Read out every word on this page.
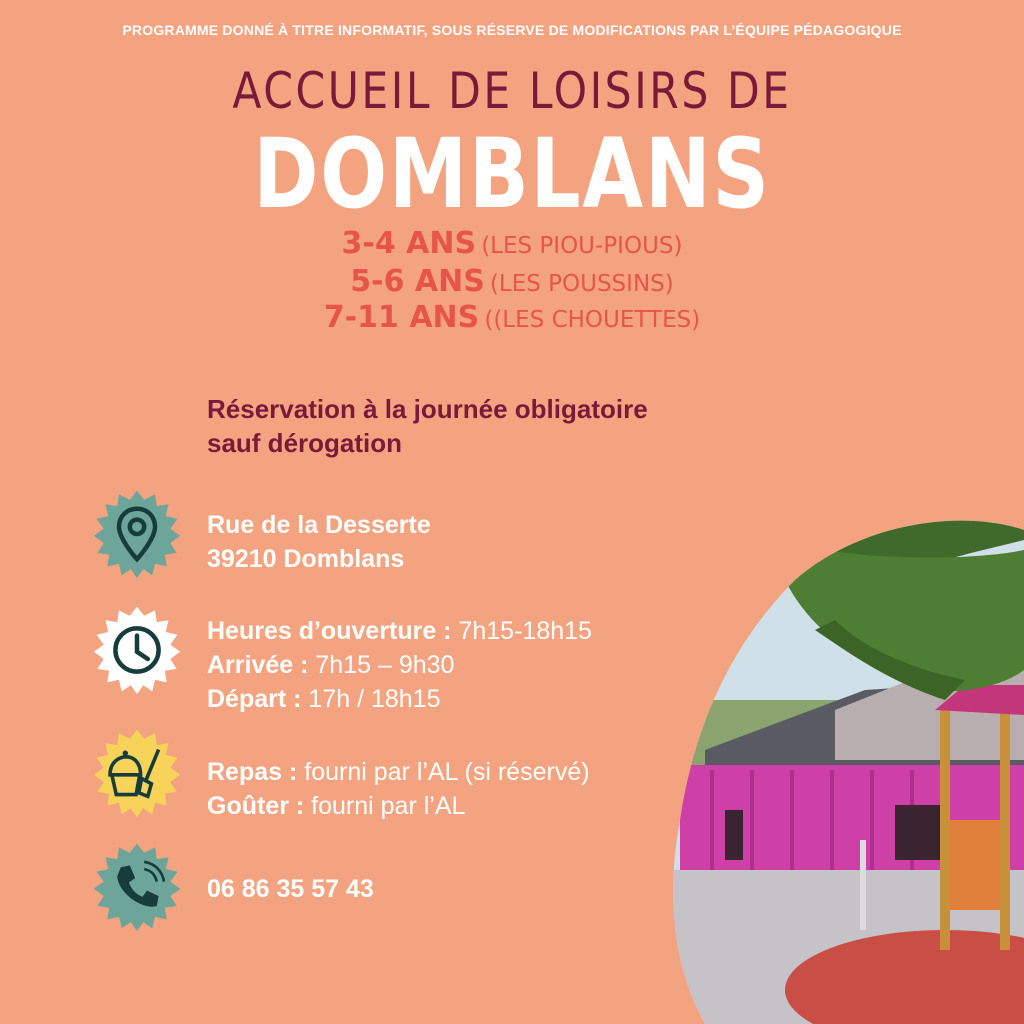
PROGRAMME DONNÉ À TITRE INFORMATIF, SOUS RÉSERVE DE MODIFICATIONS PAR L’ÉQUIPE PÉDAGOGIQUE
ACCUEIL DE LOISIRS DE
DOMBLANS
3-4 ANS (LES PIOU-PIOUS)
5-6 ANS (LES POUSSINS)
7-11 ANS ((LES CHOUETTES)
Réservation à la journée obligatoire
sauf dérogation
Rue de la Desserte
39210 Domblans
Heures d’ouverture : 7h15-18h15
Arrivée : 7h15 – 9h30
Départ : 17h / 18h15
Repas : fourni par l’AL (si réservé)
Goûter : fourni par l’AL
06 86 35 57 43
